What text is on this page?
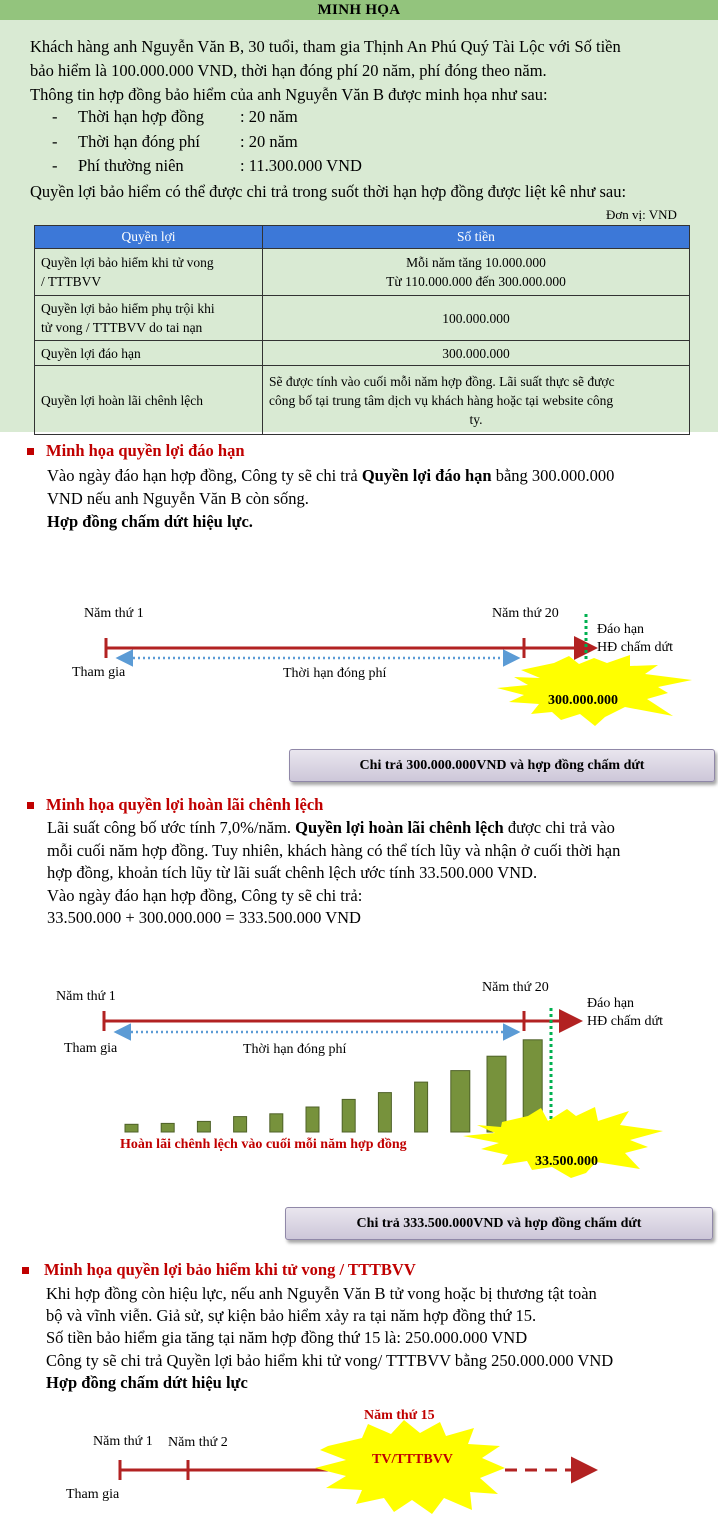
MINH HỌA
Khách hàng anh Nguyễn Văn B, 30 tuổi, tham gia Thịnh An Phú Quý Tài Lộc với Số tiền
bảo hiểm là 100.000.000 VND, thời hạn đóng phí 20 năm, phí đóng theo năm.
Thông tin hợp đồng bảo hiểm của anh Nguyễn Văn B được minh họa như sau:
- Thời hạn hợp đồng : 20 năm
- Thời hạn đóng phí : 20 năm
- Phí thường niên	: 11.300.000 VND
Quyền lợi bảo hiểm có thể được chi trả trong suốt thời hạn hợp đồng được liệt kê như sau:
Đơn vị: VND
Quyền lợi	Số tiền
Quyền lợi bảo hiểm khi tử vong
/ TTTBVV	Mỗi năm tăng 10.000.000
Từ 110.000.000 đến 300.000.000
Quyền lợi bảo hiểm phụ trội khi
tử vong / TTTBVV do tai nạn	100.000.000
Quyền lợi đáo hạn	300.000.000
Quyền lợi hoàn lãi chênh lệch	Sẽ được tính vào cuối mỗi năm hợp đồng. Lãi suất thực sẽ được
công bố tại trung tâm dịch vụ khách hàng hoặc tại website công

ty.
Minh họa quyền lợi đáo hạn
Vào ngày đáo hạn hợp đồng, Công ty sẽ chi trả Quyền lợi đáo hạn bằng 300.000.000
VND nếu anh Nguyễn Văn B còn sống.
Hợp đồng chấm dứt hiệu lực.
Năm thứ 1	Năm thứ 20
Tham gia	Thời hạn đóng phí
Đáo hạn
HĐ chấm dứt
300.000.000
Chi trả 300.000.000VND và hợp đồng chấm dứt
Minh họa quyền lợi hoàn lãi chênh lệch
Lãi suất công bố ước tính 7,0%/năm. Quyền lợi hoàn lãi chênh lệch được chi trả vào
mỗi cuối năm hợp đồng. Tuy nhiên, khách hàng có thể tích lũy và nhận ở cuối thời hạn
hợp đồng, khoản tích lũy từ lãi suất chênh lệch ước tính 33.500.000 VND.
Vào ngày đáo hạn hợp đồng, Công ty sẽ chi trả:
33.500.000 + 300.000.000 = 333.500.000 VND
Năm thứ 1
Năm thứ 20
Tham gia	Thời hạn đóng phí
Đáo hạn
HĐ chấm dứt
Hoàn lãi chênh lệch vào cuối mỗi năm hợp đồng
33.500.000
Chi trả 333.500.000VND và hợp đồng chấm dứt
Minh họa quyền lợi bảo hiểm khi tử vong / TTTBVV
Khi hợp đồng còn hiệu lực, nếu anh Nguyễn Văn B tử vong hoặc bị thương tật toàn
bộ và vĩnh viễn. Giả sử, sự kiện bảo hiểm xảy ra tại năm hợp đồng thứ 15.
Số tiền bảo hiểm gia tăng tại năm hợp đồng thứ 15 là: 250.000.000 VND
Công ty sẽ chi trả Quyền lợi bảo hiểm khi tử vong/ TTTBVV bằng 250.000.000 VND
Hợp đồng chấm dứt hiệu lực
Năm thứ 1 Năm thứ 2
Năm thứ 15
TV/TTTBVV
Tham gia
